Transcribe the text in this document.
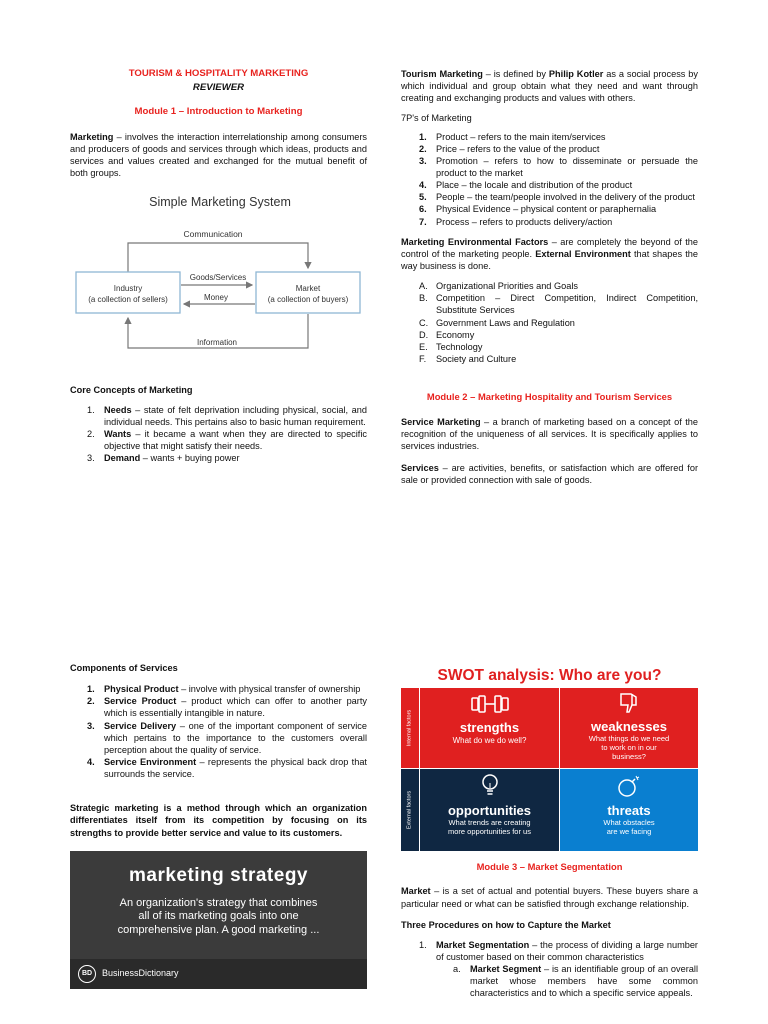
TOURISM & HOSPITALITY MARKETING
REVIEWER
Module 1 – Introduction to Marketing

Marketing – involves the interaction interrelationship among consumers and producers of goods and services through which ideas, products and services and values created and exchanged for the mutual benefit of both groups.

Simple Marketing System
Communication
Industry
(a collection of sellers)
Market
(a collection of buyers)
Goods/Services
Money
Information
Core Concepts of Marketing
1.	Needs – state of felt deprivation including physical, social, and individual needs. This pertains also to basic human requirement.
2.	Wants – it became a want when they are directed to specific objective that might satisfy their needs.
3.	Demand – wants + buying power

Tourism Marketing – is defined by Philip Kotler as a social process by which individual and group obtain what they need and want through creating and exchanging products and values with others.

7P's of Marketing
1.	Product – refers to the main item/services
2.	Price – refers to the value of the product
3.	Promotion – refers to how to disseminate or persuade the product to the market
4.	Place – the locale and distribution of the product
5.	People – the team/people involved in the delivery of the product
6.	Physical Evidence – physical content or paraphernalia
7.	Process – refers to products delivery/action

Marketing Environmental Factors – are completely the beyond of the control of the marketing people. External Environment that shapes the way business is done.

A. Organizational Priorities and Goals
B. Competition – Direct Competition, Indirect Competition, Substitute Services
C. Government Laws and Regulation
D. Economy
E. Technology
F.	Society and Culture
Module 2 – Marketing Hospitality and Tourism Services

Service Marketing – a branch of marketing based on a concept of the recognition of the uniqueness of all services. It is specifically applies to services industries.

Services – are activities, benefits, or satisfaction which are offered for sale or provided connection with sale of goods.

Components of Services
1.	Physical Product – involve with physical transfer of ownership
2.	Service Product – product which can offer to another party which is essentially intangible in nature.
3.	Service Delivery – one of the important component of service which pertains to the importance to the customers overall perception about the quality of service.
4.	Service Environment – represents the physical back drop that surrounds the service.

Strategic marketing is a method through which an organization differentiates itself from its competition by focusing on its strengths to provide better service and value to its customers.

marketing strategy
An organization's strategy that combines
all of its marketing goals into one
comprehensive plan. A good marketing ...
BD	BusinessDictionary
SWOT analysis: Who are you?
Internal factors
External factors
strengths
What do we do well?
weaknesses
What things do we need
to work on in our
business?
opportunities
What trends are creating
more opportunities for us
threats
What obstacles
are we facing
Module 3 – Market Segmentation

Market – is a set of actual and potential buyers. These buyers share a particular need or what can be satisfied through exchange relationship.

Three Procedures on how to Capture the Market
1.	Market Segmentation – the process of dividing a large number of customer based on their common characteristics
a.	Market Segment – is an identifiable group of an overall market whose members have some common characteristics and to which a specific service appeals.
